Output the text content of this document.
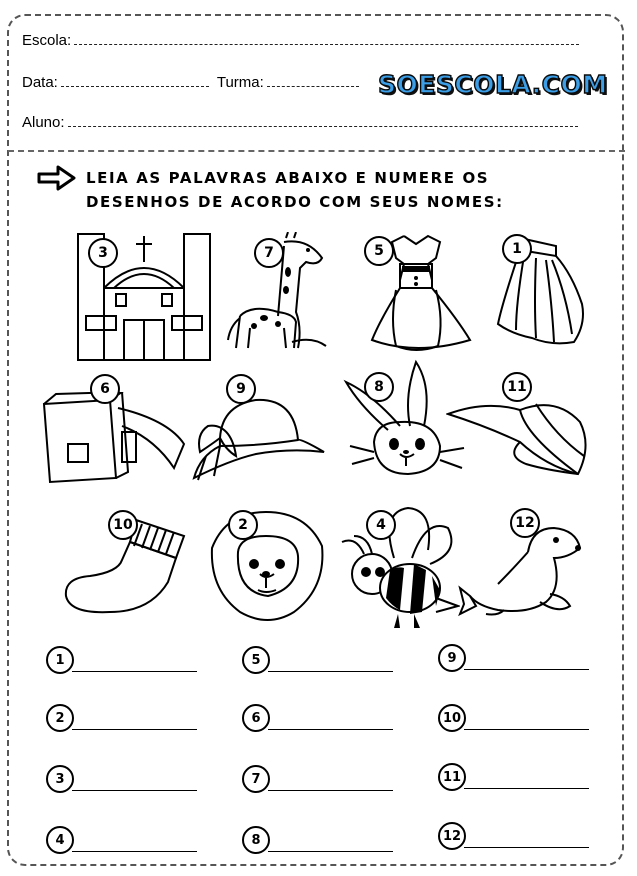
Escola:
Data:	Turma:
Aluno:
SOESCOLA.COM
LEIA AS PALAVRAS ABAIXO E NUMERE OS
DESENHOS DE ACORDO COM SEUS NOMES:
3	7	5	1
6	9	8	11
10	2	4	12
1
2
3
4
5
6
7
8
9
10
11
12
